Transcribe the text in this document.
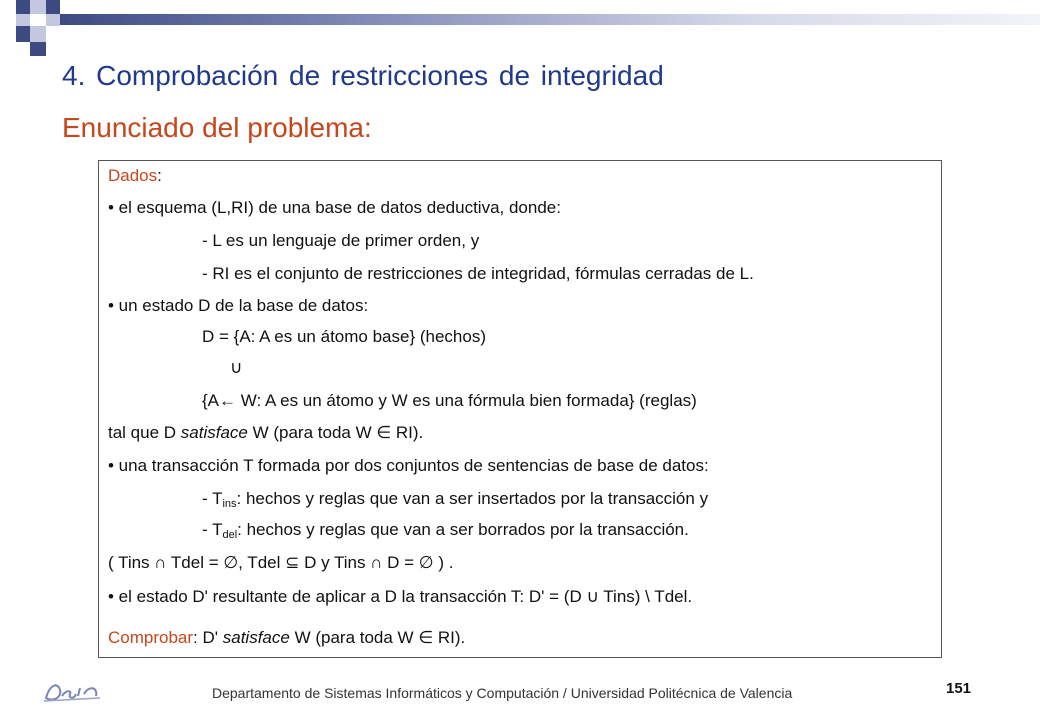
4. Comprobación de restricciones de integridad
Enunciado del problema:
Dados:
• el esquema (L,RI) de una base de datos deductiva, donde:
- L es un lenguaje de primer orden, y
- RI es el conjunto de restricciones de integridad, fórmulas cerradas de L.
• un estado D de la base de datos:
D = {A: A es un átomo base} (hechos)
∪
{A← W: A es un átomo y W es una fórmula bien formada} (reglas)
tal que D satisface W (para toda W ∈ RI).
• una transacción T formada por dos conjuntos de sentencias de base de datos:
- $T_{ins}$: hechos y reglas que van a ser insertados por la transacción y
- $T_{del}$: hechos y reglas que van a ser borrados por la transacción.
( Tins ∩ Tdel = ∅, Tdel ⊆ D y Tins ∩ D = ∅ ) .
• el estado D' resultante de aplicar a D la transacción T: D' = (D ∪ Tins) \ Tdel.
Comprobar: D' satisface W (para toda W ∈ RI).
Departamento de Sistemas Informáticos y Computación / Universidad Politécnica de Valencia	151
